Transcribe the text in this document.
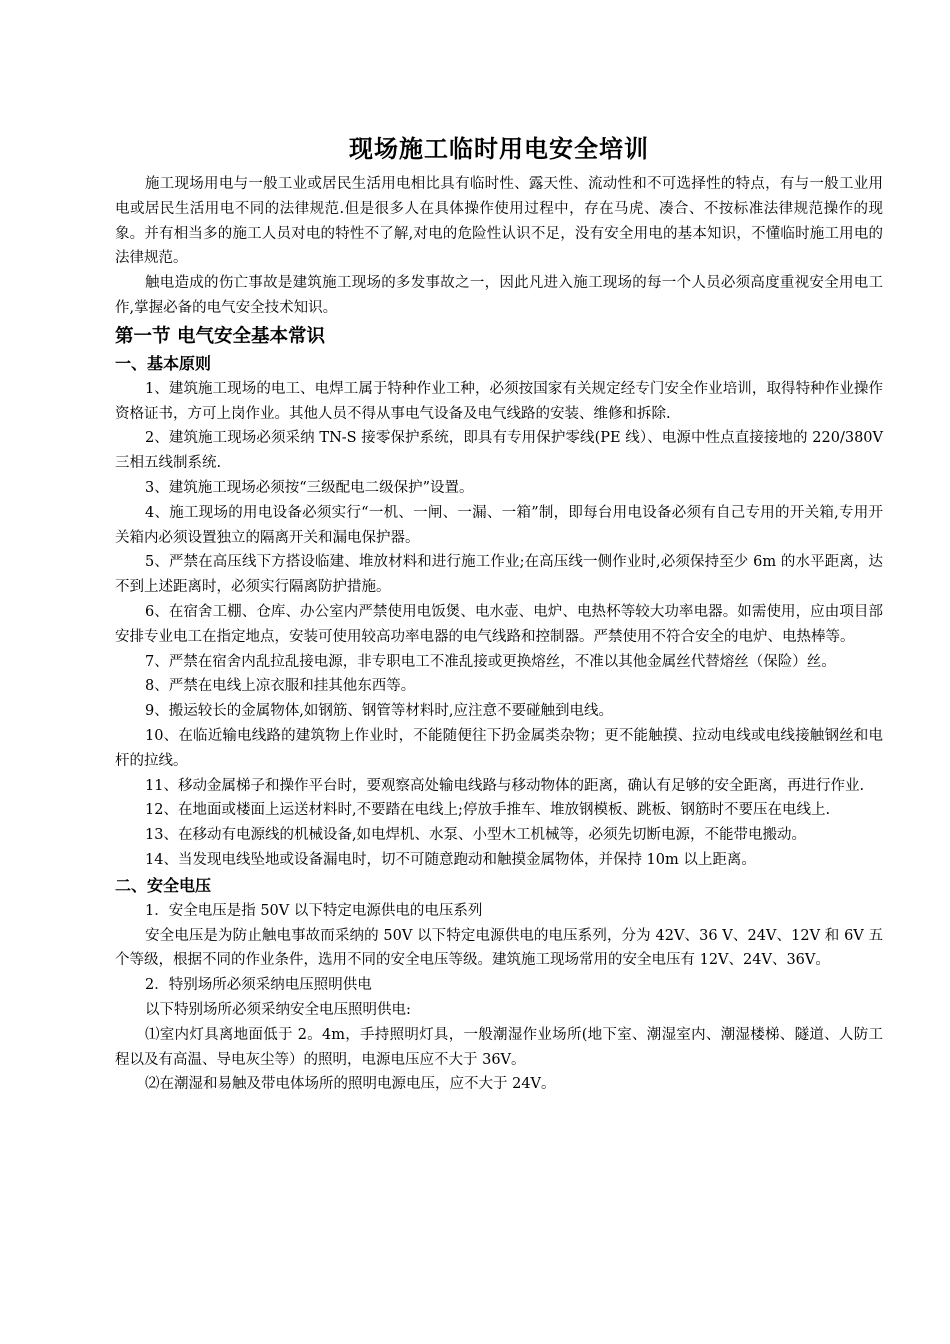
现场施工临时用电安全培训

施工现场用电与一般工业或居民生活用电相比具有临时性、露天性、流动性和不可选择性的特点，有与一般工业用电或居民生活用电不同的法律规范.但是很多人在具体操作使用过程中，存在马虎、凑合、不按标准法律规范操作的现象。并有相当多的施工人员对电的特性不了解,对电的危险性认识不足，没有安全用电的基本知识，不懂临时施工用电的法律规范。

触电造成的伤亡事故是建筑施工现场的多发事故之一，因此凡进入施工现场的每一个人员必须高度重视安全用电工作,掌握必备的电气安全技术知识。

第一节 电气安全基本常识
一、基本原则

1、建筑施工现场的电工、电焊工属于特种作业工种，必须按国家有关规定经专门安全作业培训，取得特种作业操作资格证书，方可上岗作业。其他人员不得从事电气设备及电气线路的安装、维修和拆除.

2、建筑施工现场必须采纳 TN-S 接零保护系统，即具有专用保护零线(PE 线）、电源中性点直接接地的 220/380V 三相五线制系统.

3、建筑施工现场必须按“三级配电二级保护”设置。

4、施工现场的用电设备必须实行“一机、一闸、一漏、一箱”制，即每台用电设备必须有自己专用的开关箱,专用开关箱内必须设置独立的隔离开关和漏电保护器。

5、严禁在高压线下方搭设临建、堆放材料和进行施工作业;在高压线一侧作业时,必须保持至少 6m 的水平距离，达不到上述距离时，必须实行隔离防护措施。

6、在宿舍工棚、仓库、办公室内严禁使用电饭煲、电水壶、电炉、电热杯等较大功率电器。如需使用，应由项目部安排专业电工在指定地点，安装可使用较高功率电器的电气线路和控制器。严禁使用不符合安全的电炉、电热棒等。

7、严禁在宿舍内乱拉乱接电源，非专职电工不准乱接或更换熔丝，不准以其他金属丝代替熔丝（保险）丝。

8、严禁在电线上凉衣服和挂其他东西等。

9、搬运较长的金属物体,如钢筋、钢管等材料时,应注意不要碰触到电线。

10、在临近输电线路的建筑物上作业时，不能随便往下扔金属类杂物；更不能触摸、拉动电线或电线接触钢丝和电杆的拉线。

11、移动金属梯子和操作平台时，要观察高处输电线路与移动物体的距离，确认有足够的安全距离，再进行作业.

12、在地面或楼面上运送材料时,不要踏在电线上;停放手推车、堆放钢模板、跳板、钢筋时不要压在电线上.

13、在移动有电源线的机械设备,如电焊机、水泵、小型木工机械等，必须先切断电源，不能带电搬动。

14、当发现电线坠地或设备漏电时，切不可随意跑动和触摸金属物体，并保持 10m 以上距离。

二、安全电压

1．安全电压是指 50V 以下特定电源供电的电压系列

安全电压是为防止触电事故而采纳的 50V 以下特定电源供电的电压系列，分为 42V、36 V、24V、12V 和 6V 五个等级，根据不同的作业条件，选用不同的安全电压等级。建筑施工现场常用的安全电压有 12V、24V、36V。

2．特别场所必须采纳电压照明供电

以下特别场所必须采纳安全电压照明供电:

⑴室内灯具离地面低于 2。4m，手持照明灯具，一般潮湿作业场所(地下室、潮湿室内、潮湿楼梯、隧道、人防工程以及有高温、导电灰尘等）的照明，电源电压应不大于 36V。

⑵在潮湿和易触及带电体场所的照明电源电压，应不大于 24V。
